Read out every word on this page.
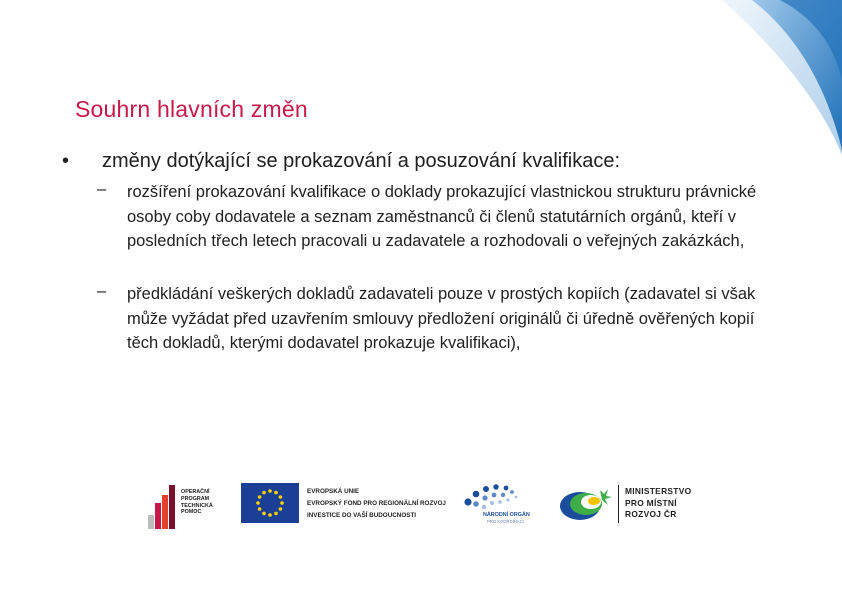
Souhrn hlavních změn
• změny dotýkající se prokazování a posuzování kvalifikace:
– rozšíření prokazování kvalifikace o doklady prokazující vlastnickou strukturu právnické osoby coby dodavatele a seznam zaměstnanců či členů statutárních orgánů, kteří v posledních třech letech pracovali u zadavatele a rozhodovali o veřejných zakázkách,
– předkládání veškerých dokladů zadavateli pouze v prostých kopiích (zadavatel si však může vyžádat před uzavřením smlouvy předložení originálů či úředně ověřených kopií těch dokladů, kterými dodavatel prokazuje kvalifikaci),
OPERAČNÍ
PROGRAM
TECHNICKÁ
POMOC
EVROPSKÁ UNIE
EVROPSKÝ FOND PRO REGIONÁLNÍ ROZVOJ
INVESTICE DO VAŠÍ BUDOUCNOSTI	NÁRODNÍ ORGÁN
PRO KOORDINACI
MINISTERSTVO
PRO MÍSTNÍ
ROZVOJ ČR
